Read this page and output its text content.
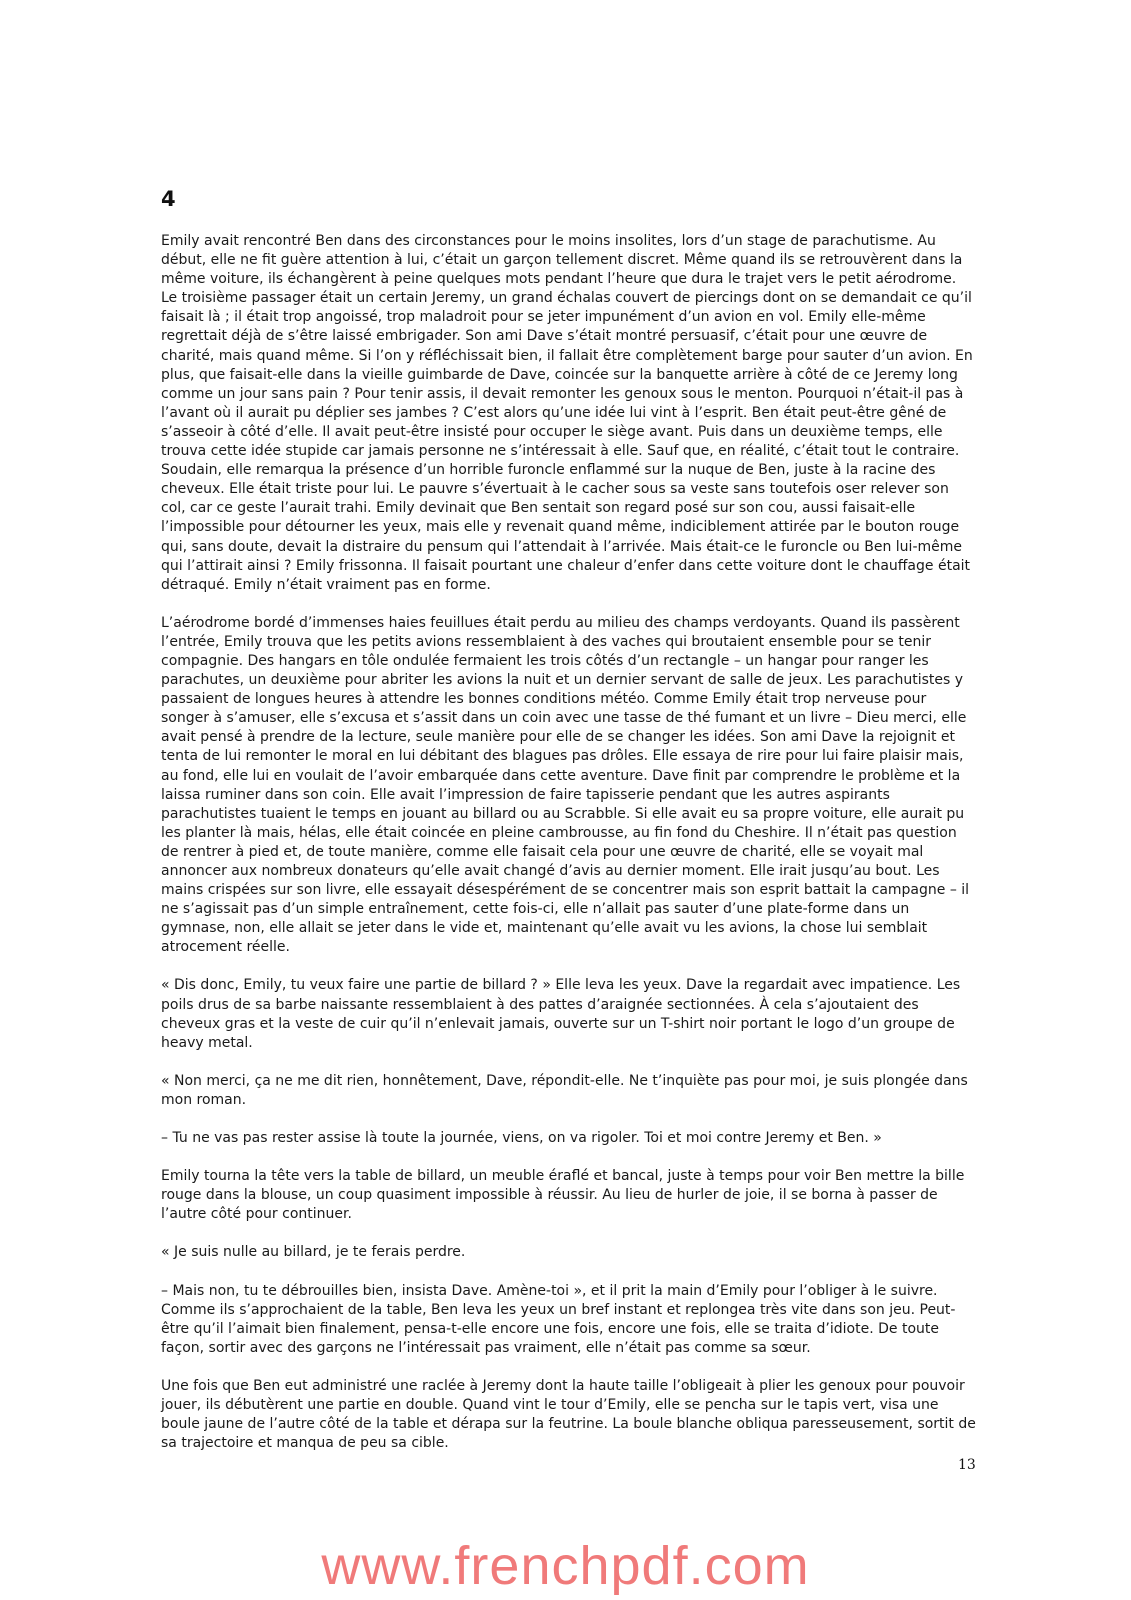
4

Emily avait rencontré Ben dans des circonstances pour le moins insolites, lors d’un stage de parachutisme. Au début, elle ne fit guère attention à lui, c’était un garçon tellement discret. Même quand ils se retrouvèrent dans la même voiture, ils échangèrent à peine quelques mots pendant l’heure que dura le trajet vers le petit aérodrome. Le troisième passager était un certain Jeremy, un grand échalas couvert de piercings dont on se demandait ce qu’il faisait là ; il était trop angoissé, trop maladroit pour se jeter impunément d’un avion en vol. Emily elle-même regrettait déjà de s’être laissé embrigader. Son ami Dave s’était montré persuasif, c’était pour une œuvre de charité, mais quand même. Si l’on y réfléchissait bien, il fallait être complètement barge pour sauter d’un avion. En plus, que faisait-elle dans la vieille guimbarde de Dave, coincée sur la banquette arrière à côté de ce Jeremy long comme un jour sans pain ? Pour tenir assis, il devait remonter les genoux sous le menton. Pourquoi n’était-il pas à l’avant où il aurait pu déplier ses jambes ? C’est alors qu’une idée lui vint à l’esprit. Ben était peut-être gêné de s’asseoir à côté d’elle. Il avait peut-être insisté pour occuper le siège avant. Puis dans un deuxième temps, elle trouva cette idée stupide car jamais personne ne s’intéressait à elle. Sauf que, en réalité, c’était tout le contraire. Soudain, elle remarqua la présence d’un horrible furoncle enflammé sur la nuque de Ben, juste à la racine des cheveux. Elle était triste pour lui. Le pauvre s’évertuait à le cacher sous sa veste sans toutefois oser relever son col, car ce geste l’aurait trahi. Emily devinait que Ben sentait son regard posé sur son cou, aussi faisait-elle l’impossible pour détourner les yeux, mais elle y revenait quand même, indiciblement attirée par le bouton rouge qui, sans doute, devait la distraire du pensum qui l’attendait à l’arrivée. Mais était-ce le furoncle ou Ben lui-même qui l’attirait ainsi ? Emily frissonna. Il faisait pourtant une chaleur d’enfer dans cette voiture dont le chauffage était détraqué. Emily n’était vraiment pas en forme.

L’aérodrome bordé d’immenses haies feuillues était perdu au milieu des champs verdoyants. Quand ils passèrent l’entrée, Emily trouva que les petits avions ressemblaient à des vaches qui broutaient ensemble pour se tenir compagnie. Des hangars en tôle ondulée fermaient les trois côtés d’un rectangle – un hangar pour ranger les parachutes, un deuxième pour abriter les avions la nuit et un dernier servant de salle de jeux. Les parachutistes y passaient de longues heures à attendre les bonnes conditions météo. Comme Emily était trop nerveuse pour songer à s’amuser, elle s’excusa et s’assit dans un coin avec une tasse de thé fumant et un livre – Dieu merci, elle avait pensé à prendre de la lecture, seule manière pour elle de se changer les idées. Son ami Dave la rejoignit et tenta de lui remonter le moral en lui débitant des blagues pas drôles. Elle essaya de rire pour lui faire plaisir mais, au fond, elle lui en voulait de l’avoir embarquée dans cette aventure. Dave finit par comprendre le problème et la laissa ruminer dans son coin. Elle avait l’impression de faire tapisserie pendant que les autres aspirants parachutistes tuaient le temps en jouant au billard ou au Scrabble. Si elle avait eu sa propre voiture, elle aurait pu les planter là mais, hélas, elle était coincée en pleine cambrousse, au fin fond du Cheshire. Il n’était pas question de rentrer à pied et, de toute manière, comme elle faisait cela pour une œuvre de charité, elle se voyait mal annoncer aux nombreux donateurs qu’elle avait changé d’avis au dernier moment. Elle irait jusqu’au bout. Les mains crispées sur son livre, elle essayait désespérément de se concentrer mais son esprit battait la campagne – il ne s’agissait pas d’un simple entraînement, cette fois-ci, elle n’allait pas sauter d’une plate-forme dans un gymnase, non, elle allait se jeter dans le vide et, maintenant qu’elle avait vu les avions, la chose lui semblait atrocement réelle.

« Dis donc, Emily, tu veux faire une partie de billard ? » Elle leva les yeux. Dave la regardait avec impatience. Les poils drus de sa barbe naissante ressemblaient à des pattes d’araignée sectionnées. À cela s’ajoutaient des cheveux gras et la veste de cuir qu’il n’enlevait jamais, ouverte sur un T-shirt noir portant le logo d’un groupe de heavy metal.

« Non merci, ça ne me dit rien, honnêtement, Dave, répondit-elle. Ne t’inquiète pas pour moi, je suis plongée dans mon roman.

– Tu ne vas pas rester assise là toute la journée, viens, on va rigoler. Toi et moi contre Jeremy et Ben. »

Emily tourna la tête vers la table de billard, un meuble éraflé et bancal, juste à temps pour voir Ben mettre la bille rouge dans la blouse, un coup quasiment impossible à réussir. Au lieu de hurler de joie, il se borna à passer de l’autre côté pour continuer.

« Je suis nulle au billard, je te ferais perdre.

– Mais non, tu te débrouilles bien, insista Dave. Amène-toi », et il prit la main d’Emily pour l’obliger à le suivre. Comme ils s’approchaient de la table, Ben leva les yeux un bref instant et replongea très vite dans son jeu. Peut-être qu’il l’aimait bien finalement, pensa-t-elle encore une fois, encore une fois, elle se traita d’idiote. De toute façon, sortir avec des garçons ne l’intéressait pas vraiment, elle n’était pas comme sa sœur.

Une fois que Ben eut administré une raclée à Jeremy dont la haute taille l’obligeait à plier les genoux pour pouvoir jouer, ils débutèrent une partie en double. Quand vint le tour d’Emily, elle se pencha sur le tapis vert, visa une boule jaune de l’autre côté de la table et dérapa sur la feutrine. La boule blanche obliqua paresseusement, sortit de sa trajectoire et manqua de peu sa cible.

13
www.frenchpdf.com
